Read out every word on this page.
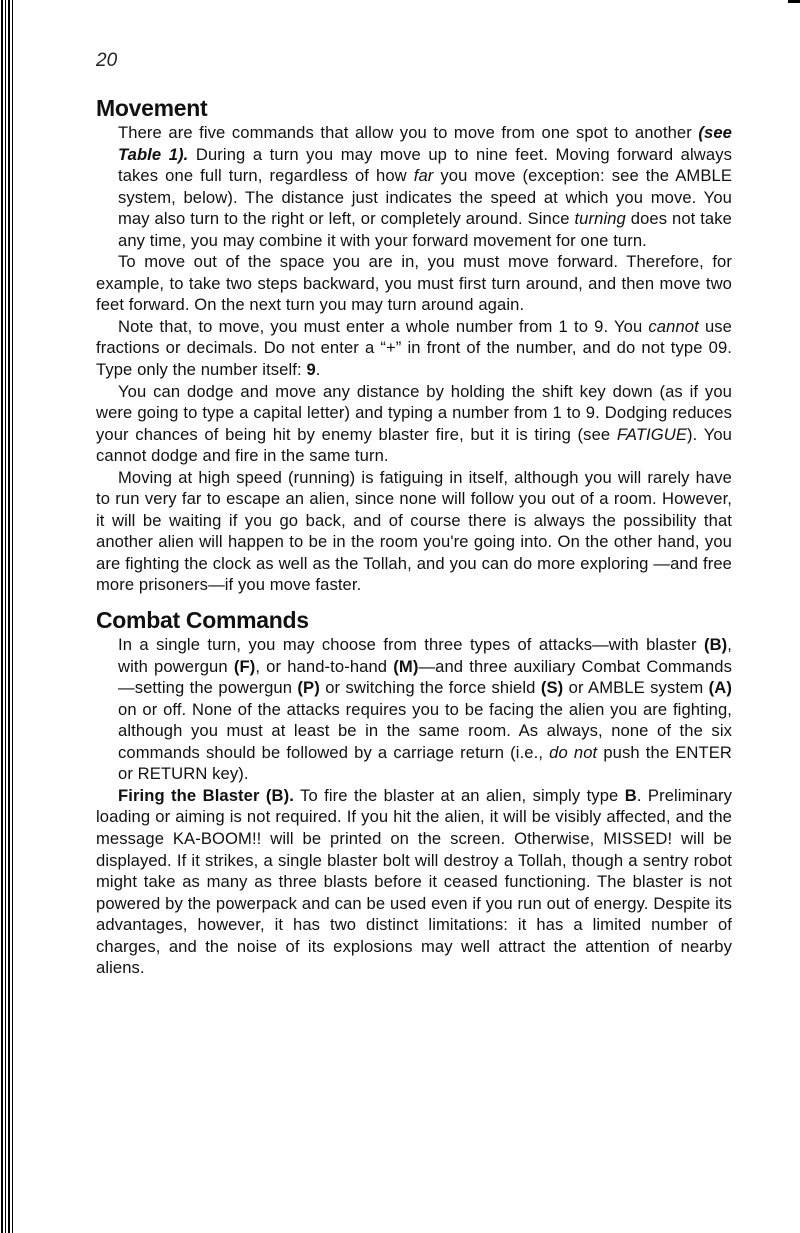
20
Movement

There are five commands that allow you to move from one spot to another (see Table 1). During a turn you may move up to nine feet. Moving forward always takes one full turn, regardless of how far you move (exception: see the AMBLE system, below). The distance just indicates the speed at which you move. You may also turn to the right or left, or completely around. Since turning does not take any time, you may combine it with your forward movement for one turn.

To move out of the space you are in, you must move forward. Therefore, for example, to take two steps backward, you must first turn around, and then move two feet forward. On the next turn you may turn around again.

Note that, to move, you must enter a whole number from 1 to 9. You cannot use fractions or decimals. Do not enter a “+” in front of the number, and do not type 09. Type only the number itself: 9.

You can dodge and move any distance by holding the shift key down (as if you were going to type a capital letter) and typing a number from 1 to 9. Dodging reduces your chances of being hit by enemy blaster fire, but it is tiring (see FATIGUE). You cannot dodge and fire in the same turn.

Moving at high speed (running) is fatiguing in itself, although you will rarely have to run very far to escape an alien, since none will follow you out of a room. However, it will be waiting if you go back, and of course there is always the possibility that another alien will happen to be in the room you're going into. On the other hand, you are fighting the clock as well as the Tollah, and you can do more exploring —and free more prisoners—if you move faster.

Combat Commands

In a single turn, you may choose from three types of attacks—with blaster (B), with powergun (F), or hand-to-hand (M)—and three auxiliary Combat Commands—setting the powergun (P) or switching the force shield (S) or AMBLE system (A) on or off. None of the attacks requires you to be facing the alien you are fighting, although you must at least be in the same room. As always, none of the six commands should be followed by a carriage return (i.e., do not push the ENTER or RETURN key).

Firing the Blaster (B). To fire the blaster at an alien, simply type B. Preliminary loading or aiming is not required. If you hit the alien, it will be visibly affected, and the message KA-BOOM!! will be printed on the screen. Otherwise, MISSED! will be displayed. If it strikes, a single blaster bolt will destroy a Tollah, though a sentry robot might take as many as three blasts before it ceased functioning. The blaster is not powered by the powerpack and can be used even if you run out of energy. Despite its advantages, however, it has two distinct limitations: it has a limited number of charges, and the noise of its explosions may well attract the attention of nearby aliens.
